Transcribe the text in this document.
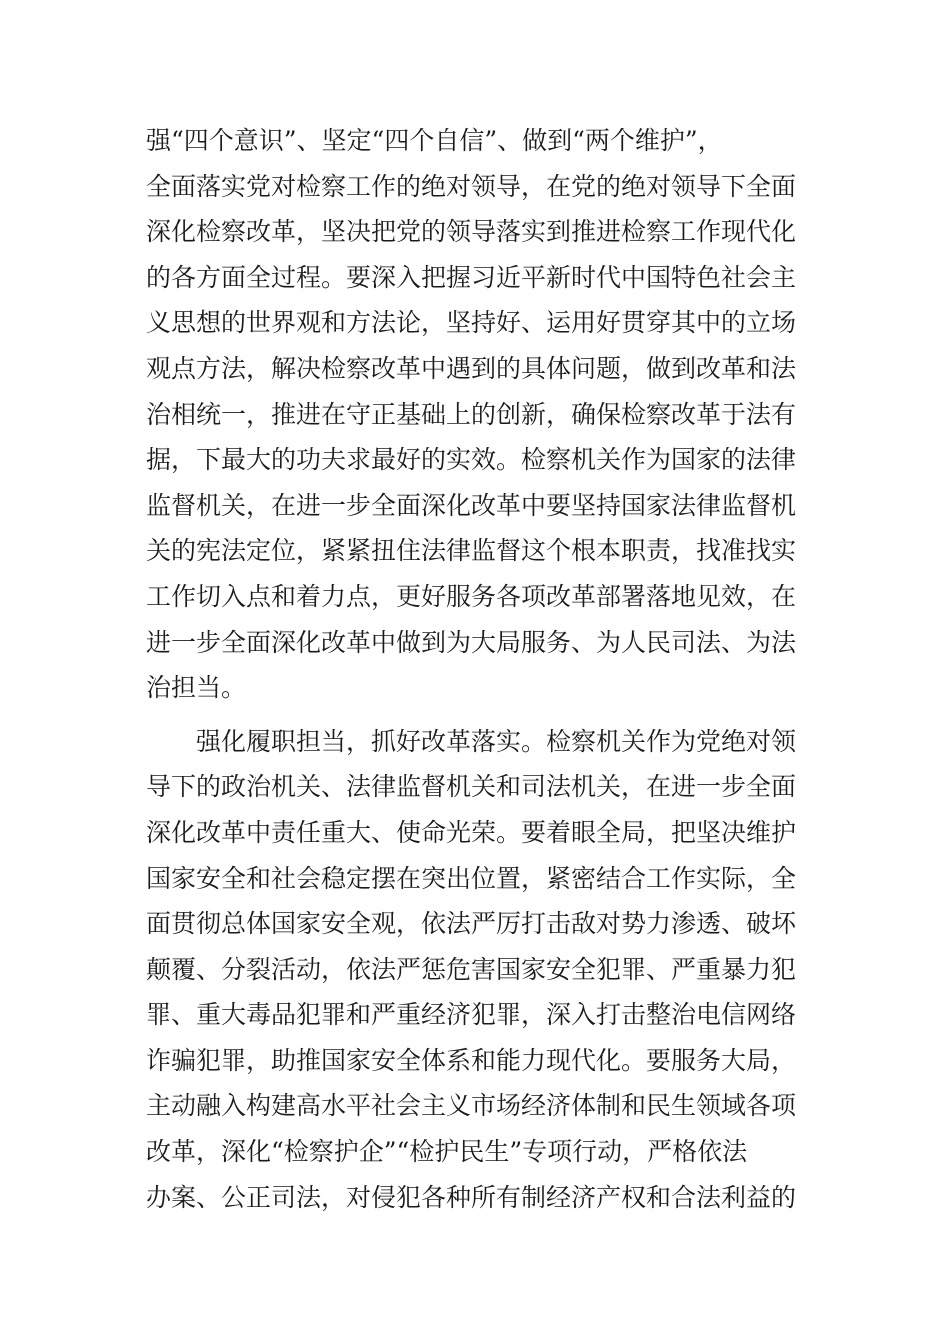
强“四个意识”、坚定“四个自信”、做到“两个维护”，
全面落实党对检察工作的绝对领导，在党的绝对领导下全面
深化检察改革，坚决把党的领导落实到推进检察工作现代化
的各方面全过程。要深入把握习近平新时代中国特色社会主
义思想的世界观和方法论，坚持好、运用好贯穿其中的立场
观点方法，解决检察改革中遇到的具体问题，做到改革和法
治相统一，推进在守正基础上的创新，确保检察改革于法有
据，下最大的功夫求最好的实效。检察机关作为国家的法律
监督机关，在进一步全面深化改革中要坚持国家法律监督机
关的宪法定位，紧紧扭住法律监督这个根本职责，找准找实
工作切入点和着力点，更好服务各项改革部署落地见效，在
进一步全面深化改革中做到为大局服务、为人民司法、为法
治担当。
　　强化履职担当，抓好改革落实。检察机关作为党绝对领
导下的政治机关、法律监督机关和司法机关，在进一步全面
深化改革中责任重大、使命光荣。要着眼全局，把坚决维护
国家安全和社会稳定摆在突出位置，紧密结合工作实际，全
面贯彻总体国家安全观，依法严厉打击敌对势力渗透、破坏
颠覆、分裂活动，依法严惩危害国家安全犯罪、严重暴力犯
罪、重大毒品犯罪和严重经济犯罪，深入打击整治电信网络
诈骗犯罪，助推国家安全体系和能力现代化。要服务大局，
主动融入构建高水平社会主义市场经济体制和民生领域各项
改革，深化“检察护企”“检护民生”专项行动，严格依法
办案、公正司法，对侵犯各种所有制经济产权和合法利益的
